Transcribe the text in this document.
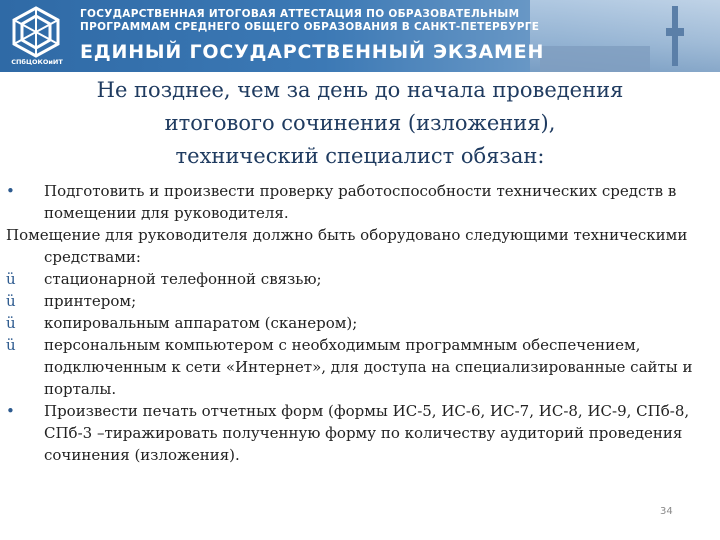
СПбЦОКОиИТ
ГОСУДАРСТВЕННАЯ ИТОГОВАЯ АТТЕСТАЦИЯ ПО ОБРАЗОВАТЕЛЬНЫМ
ПРОГРАММАМ СРЕДНЕГО ОБЩЕГО ОБРАЗОВАНИЯ В САНКТ-ПЕТЕРБУРГЕ
ЕДИНЫЙ ГОСУДАРСТВЕННЫЙ ЭКЗАМЕН
Не позднее, чем за день до начала проведения
итогового сочинения (изложения),
технический специалист обязан:
•	Подготовить и произвести проверку работоспособности технических средств в помещении для руководителя.
Помещение для руководителя должно быть оборудовано следующими техническими средствами:
ü	стационарной телефонной связью;
ü	принтером;
ü	копировальным аппаратом (сканером);
ü	персональным компьютером с необходимым программным обеспечением, подключенным к сети «Интернет», для доступа на специализированные сайты и порталы.
•	Произвести печать отчетных форм (формы ИС-5, ИС-6, ИС-7, ИС-8, ИС-9, СПб-8, СПб-3 –тиражировать полученную форму по количеству аудиторий проведения сочинения (изложения).
34
